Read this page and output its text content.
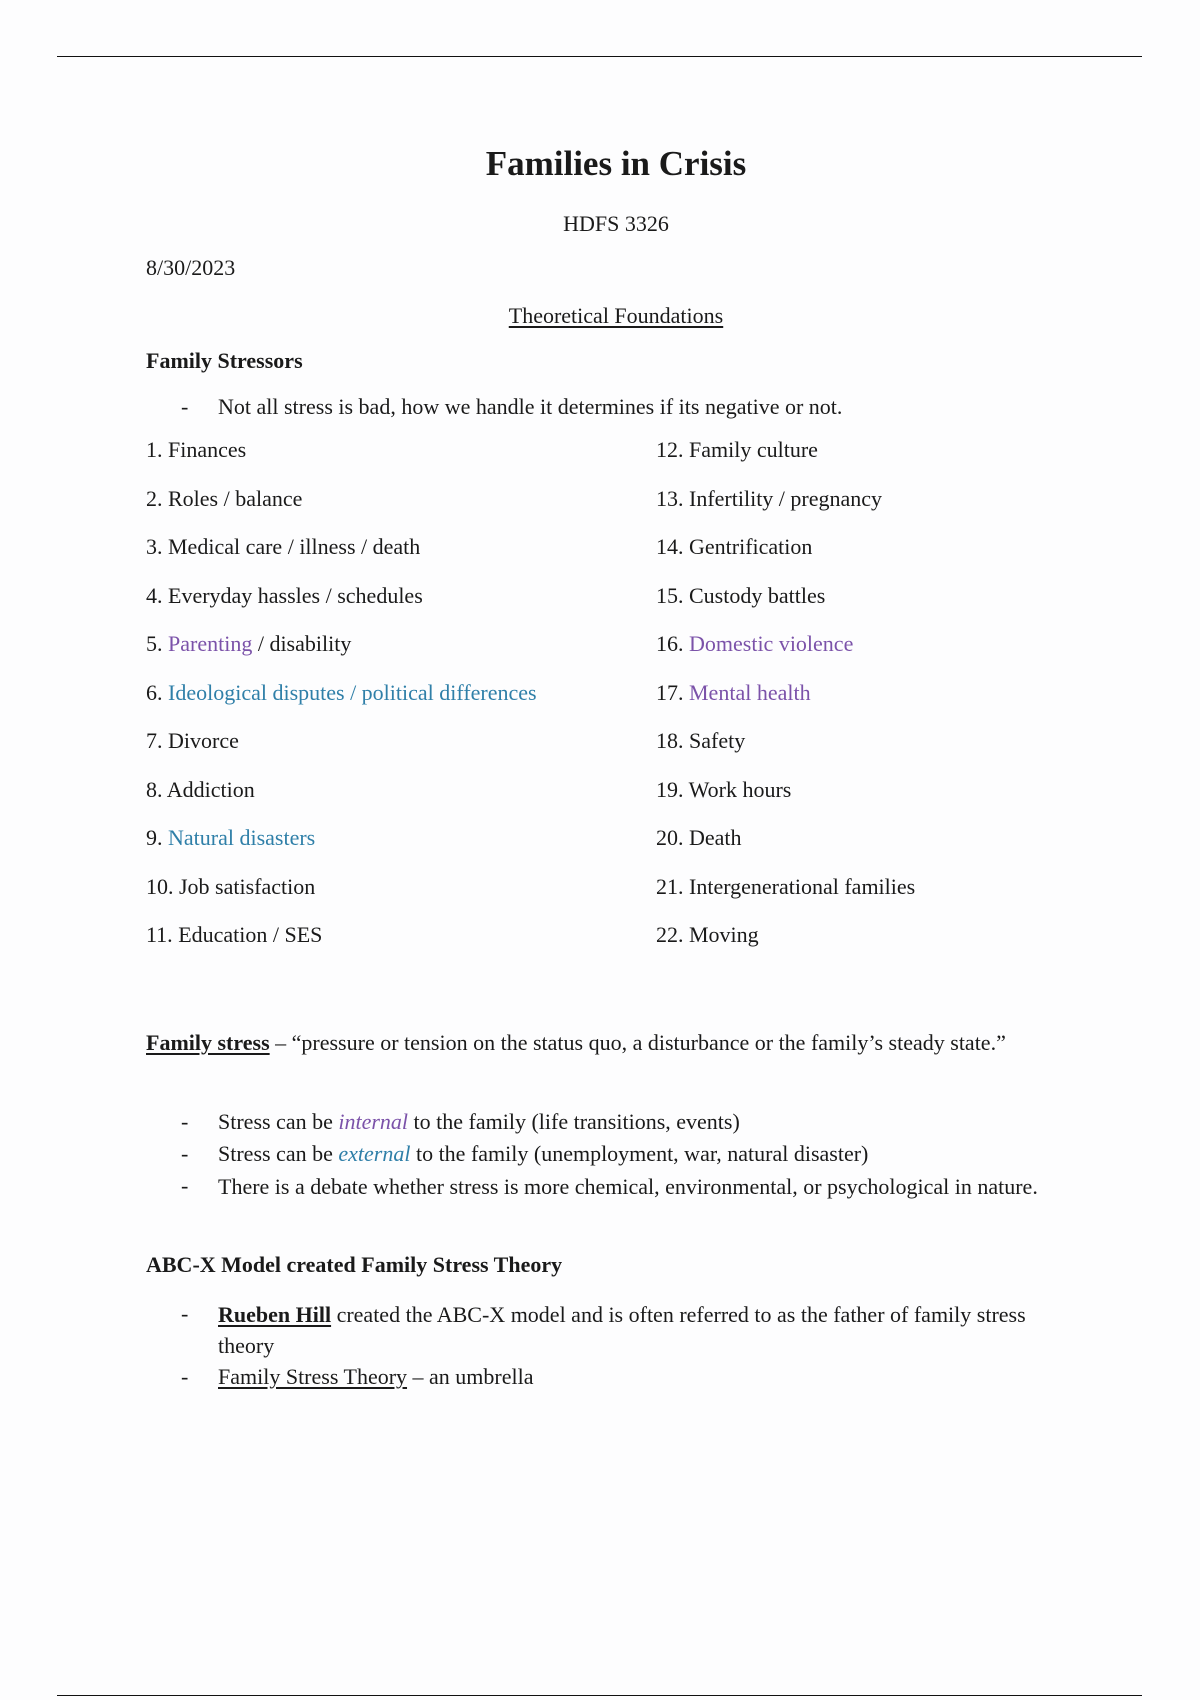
Families in Crisis
HDFS 3326
8/30/2023
Theoretical Foundations
Family Stressors
- Not all stress is bad, how we handle it determines if its negative or not.
1. Finances
2. Roles / balance
3. Medical care / illness / death
4. Everyday hassles / schedules
5. Parenting / disability
6. Ideological disputes / political differences
7. Divorce
8. Addiction
9. Natural disasters
10. Job satisfaction
11. Education / SES
12. Family culture
13. Infertility / pregnancy
14. Gentrification
15. Custody battles
16. Domestic violence
17. Mental health
18. Safety
19. Work hours
20. Death
21. Intergenerational families
22. Moving
Family stress – “pressure or tension on the status quo, a disturbance or the family’s steady state.”
- Stress can be internal to the family (life transitions, events)
- Stress can be external to the family (unemployment, war, natural disaster)
- There is a debate whether stress is more chemical, environmental, or psychological in nature.
ABC-X Model created Family Stress Theory
- Rueben Hill created the ABC-X model and is often referred to as the father of family stress theory
- Family Stress Theory – an umbrella
